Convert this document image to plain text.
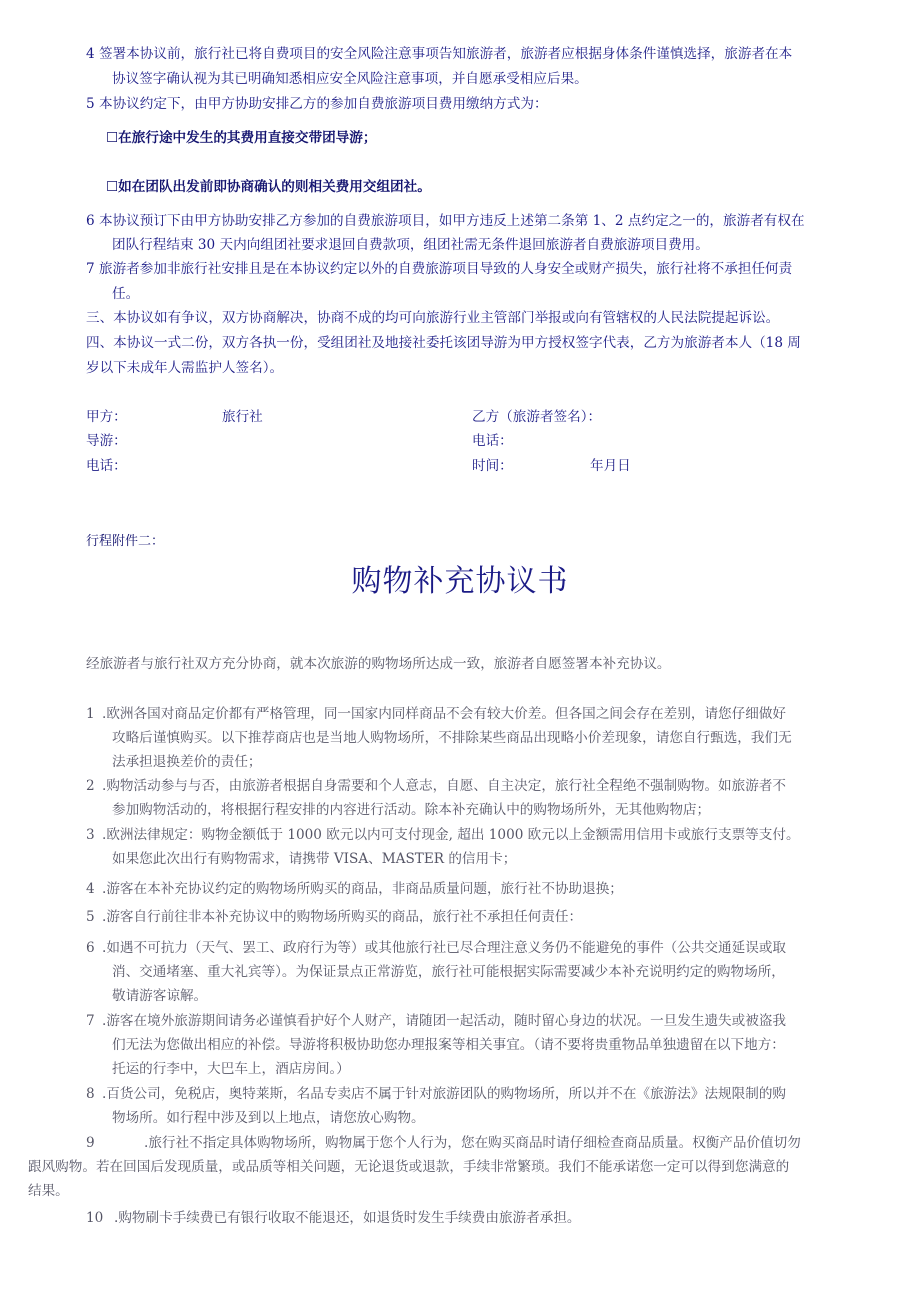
4 签署本协议前，旅行社已将自费项目的安全风险注意事项告知旅游者，旅游者应根据身体条件谨慎选择，旅游者在本
协议签字确认视为其已明确知悉相应安全风险注意事项，并自愿承受相应后果。
5 本协议约定下，由甲方协助安排乙方的参加自费旅游项目费用缴纳方式为：
☐在旅行途中发生的其费用直接交带团导游；
☐如在团队出发前即协商确认的则相关费用交组团社。
6 本协议预订下由甲方协助安排乙方参加的自费旅游项目，如甲方违反上述第二条第 1、2 点约定之一的，旅游者有权在
团队行程结束 30 天内向组团社要求退回自费款项，组团社需无条件退回旅游者自费旅游项目费用。
7 旅游者参加非旅行社安排且是在本协议约定以外的自费旅游项目导致的人身安全或财产损失，旅行社将不承担任何责
任。
三、本协议如有争议，双方协商解决，协商不成的均可向旅游行业主管部门举报或向有管辖权的人民法院提起诉讼。
四、本协议一式二份，双方各执一份，受组团社及地接社委托该团导游为甲方授权签字代表，乙方为旅游者本人（18 周
岁以下未成年人需监护人签名）。
甲方：	旅行社	乙方（旅游者签名）：
导游：	电话：
电话：	时间：	年月日
行程附件二：
购物补充协议书
经旅游者与旅行社双方充分协商，就本次旅游的购物场所达成一致，旅游者自愿签署本补充协议。
1 .欧洲各国对商品定价都有严格管理，同一国家内同样商品不会有较大价差。但各国之间会存在差别，请您仔细做好
攻略后谨慎购买。以下推荐商店也是当地人购物场所，不排除某些商品出现略小价差现象，请您自行甄选，我们无
法承担退换差价的责任；
2 .购物活动参与与否，由旅游者根据自身需要和个人意志，自愿、自主决定，旅行社全程绝不强制购物。如旅游者不
参加购物活动的，将根据行程安排的内容进行活动。除本补充确认中的购物场所外，无其他购物店；
3 .欧洲法律规定：购物金额低于 1000 欧元以内可支付现金, 超出 1000 欧元以上金额需用信用卡或旅行支票等支付。
如果您此次出行有购物需求，请携带 VISA、MASTER 的信用卡；
4 .游客在本补充协议约定的购物场所购买的商品，非商品质量问题，旅行社不协助退换；
5 .游客自行前往非本补充协议中的购物场所购买的商品，旅行社不承担任何责任：
6 .如遇不可抗力（天气、罢工、政府行为等）或其他旅行社已尽合理注意义务仍不能避免的事件（公共交通延误或取
消、交通堵塞、重大礼宾等）。为保证景点正常游览，旅行社可能根据实际需要减少本补充说明约定的购物场所，
敬请游客谅解。
7 .游客在境外旅游期间请务必谨慎看护好个人财产，请随团一起活动，随时留心身边的状况。一旦发生遗失或被盗我
们无法为您做出相应的补偿。导游将积极协助您办理报案等相关事宜。（请不要将贵重物品单独遗留在以下地方：
托运的行李中，大巴车上，酒店房间。）
8 .百货公司，免税店，奥特莱斯，名品专卖店不属于针对旅游团队的购物场所，所以并不在《旅游法》法规限制的购
物场所。如行程中涉及到以上地点，请您放心购物。
9	.旅行社不指定具体购物场所，购物属于您个人行为，您在购买商品时请仔细检查商品质量。权衡产品价值切勿
跟风购物。若在回国后发现质量，或品质等相关问题，无论退货或退款，手续非常繁琐。我们不能承诺您一定可以得到您满意的
结果。
10 .购物刷卡手续费已有银行收取不能退还，如退货时发生手续费由旅游者承担。
